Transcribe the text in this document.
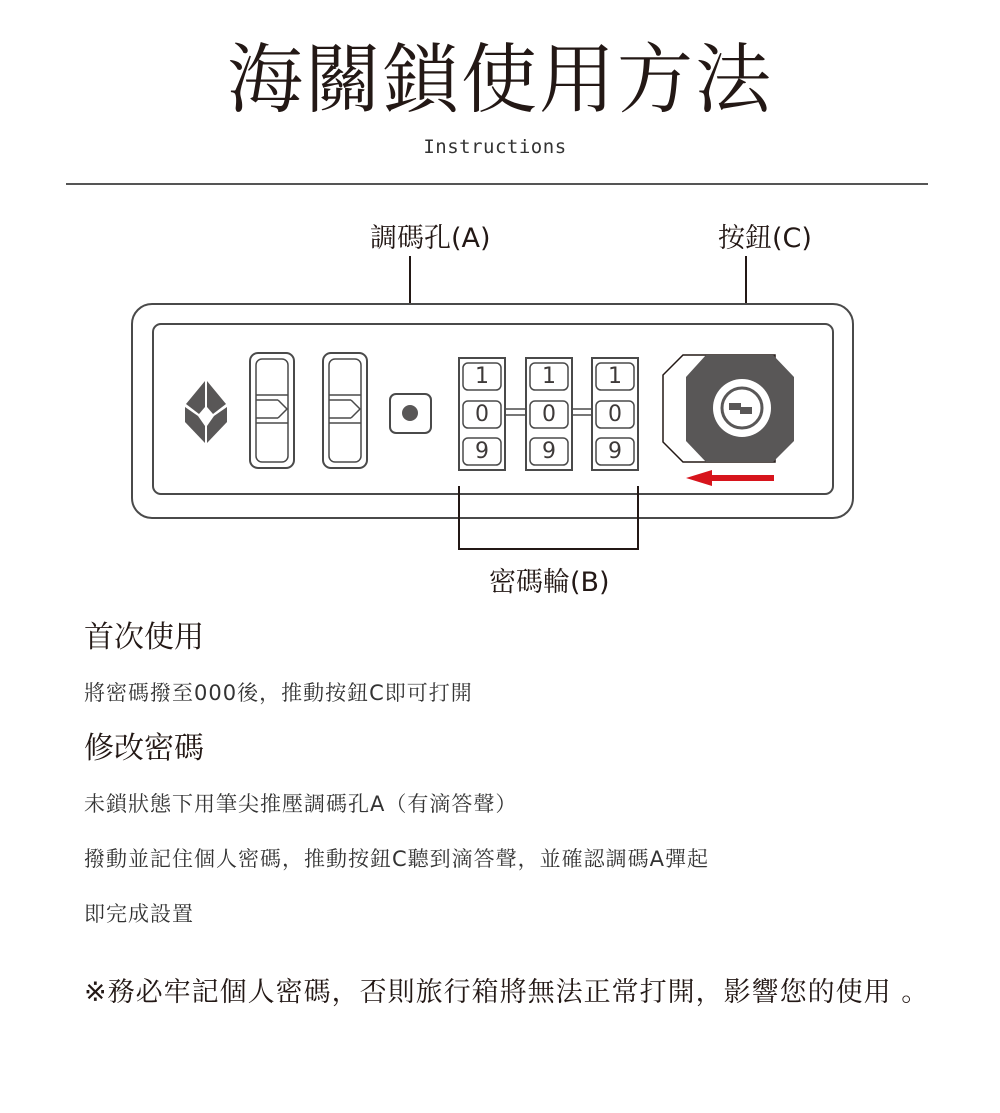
海關鎖使用方法
Instructions
調碼孔(A)	按鈕(C)
密碼輪(B)
1
0
9
1
0
9
1
0
9
首次使用
將密碼撥至000後，推動按鈕C即可打開
修改密碼
未鎖狀態下用筆尖推壓調碼孔A（有滴答聲）
撥動並記住個人密碼，推動按鈕C聽到滴答聲，並確認調碼A彈起
即完成設置
※務必牢記個人密碼，否則旅行箱將無法正常打開，影響您的使用 。
